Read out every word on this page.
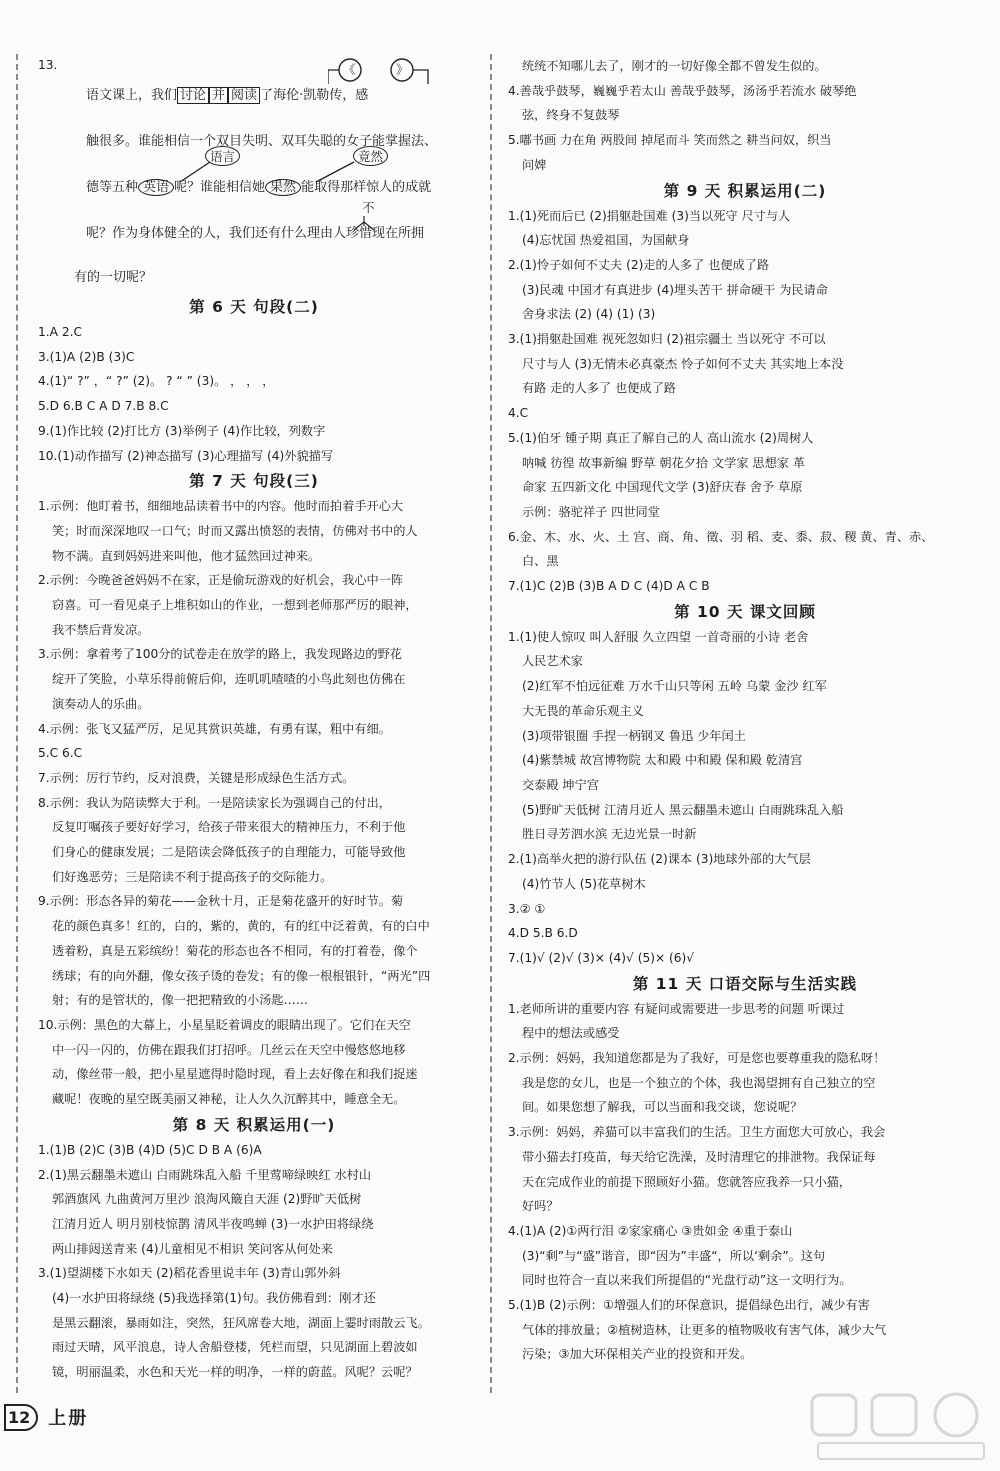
13.	《	》
语文课上，我们 讨论 并 阅读 了海伦·凯勒传，感
触很多。谁能相信一个双目失明、双耳失聪的女子能掌握法、
语言	竟然
德等五种 英语 呢？谁能相信她 果然 能取得那样惊人的成就
不
呢？作为身体健全的人，我们还有什么理由人珍惜现在所拥
有的一切呢？
第 6 天 句段(二)
1.A 2.C
3.(1)A (2)B (3)C
4.(1)“ ?” ，“ ?” (2)。 ? “ ” (3)。 ， ， ，
5.D 6.B C A D 7.B 8.C
9.(1)作比较 (2)打比方 (3)举例子 (4)作比较，列数字
10.(1)动作描写 (2)神态描写 (3)心理描写 (4)外貌描写
第 7 天 句段(三)
1.示例：他盯着书，细细地品读着书中的内容。他时而拍着手开心大
笑；时而深深地叹一口气；时而又露出愤怒的表情，仿佛对书中的人
物不满。直到妈妈进来叫他，他才猛然回过神来。
2.示例：今晚爸爸妈妈不在家，正是偷玩游戏的好机会，我心中一阵
窃喜。可一看见桌子上堆积如山的作业，一想到老师那严厉的眼神，
我不禁后背发凉。
3.示例：拿着考了100分的试卷走在放学的路上，我发现路边的野花
绽开了笑脸，小草乐得前俯后仰，连叽叽喳喳的小鸟此刻也仿佛在
演奏动人的乐曲。
4.示例：张飞又猛严厉，足见其赏识英雄，有勇有谋，粗中有细。
5.C 6.C
7.示例：厉行节约，反对浪费，关键是形成绿色生活方式。
8.示例：我认为陪读弊大于利。一是陪读家长为强调自己的付出，
反复叮嘱孩子要好好学习，给孩子带来很大的精神压力，不利于他
们身心的健康发展；二是陪读会降低孩子的自理能力，可能导致他
们好逸恶劳；三是陪读不利于提高孩子的交际能力。
9.示例：形态各异的菊花——金秋十月，正是菊花盛开的好时节。菊
花的颜色真多！红的，白的，紫的，黄的，有的红中泛着黄，有的白中
透着粉，真是五彩缤纷！菊花的形态也各不相同，有的打着卷，像个
绣球；有的向外翻，像女孩子烫的卷发；有的像一根根银针，“两光”四
射；有的是管状的，像一把把精致的小汤匙……
10.示例：黑色的大幕上，小星星眨着调皮的眼睛出现了。它们在天空
中一闪一闪的，仿佛在跟我们打招呼。几丝云在天空中慢悠悠地移
动，像丝带一般，把小星星遮得时隐时现，看上去好像在和我们捉迷
藏呢！夜晚的星空既美丽又神秘，让人久久沉醉其中，睡意全无。
第 8 天 积累运用(一)
1.(1)B (2)C (3)B (4)D (5)C D B A (6)A
2.(1)黑云翻墨未遮山 白雨跳珠乱入船 千里莺啼绿映红 水村山
郭酒旗风 九曲黄河万里沙 浪淘风簸自天涯 (2)野旷天低树
江清月近人 明月别枝惊鹊 清风半夜鸣蝉 (3)一水护田将绿绕
两山排闼送青来 (4)儿童相见不相识 笑问客从何处来
3.(1)望湖楼下水如天 (2)稻花香里说丰年 (3)青山郭外斜
(4)一水护田将绿绕 (5)我选择第(1)句。我仿佛看到：刚才还
是黑云翻滚，暴雨如注，突然，狂风席卷大地，湖面上霎时雨散云飞。
雨过天晴，风平浪息，诗人舍船登楼，凭栏而望，只见湖面上碧波如
镜，明丽温柔，水色和天光一样的明净，一样的蔚蓝。风呢？云呢？
统统不知哪儿去了，刚才的一切好像全都不曾发生似的。
4.善哉乎鼓琴，巍巍乎若太山 善哉乎鼓琴，汤汤乎若流水 破琴绝
弦，终身不复鼓琴
5.嘟书画 力在角 两股间 掉尾而斗 笑而然之 耕当问奴，织当
问婢
第 9 天 积累运用(二)
1.(1)死而后已 (2)捐躯赴国难 (3)当以死守 尺寸与人
(4)忘忧国 热爱祖国，为国献身
2.(1)怜子如何不丈夫 (2)走的人多了 也便成了路
(3)民魂 中国才有真进步 (4)埋头苦干 拼命硬干 为民请命
舍身求法 (2) (4) (1) (3)
3.(1)捐躯赴国难 视死忽如归 (2)祖宗疆土 当以死守 不可以
尺寸与人 (3)无情未必真豪杰 怜子如何不丈夫 其实地上本没
有路 走的人多了 也便成了路
4.C
5.(1)伯牙 锺子期 真正了解自己的人 高山流水 (2)周树人
呐喊 彷徨 故事新编 野草 朝花夕拾 文学家 思想家 革
命家 五四新文化 中国现代文学 (3)舒庆春 舍予 草原
示例：骆驼祥子 四世同堂
6.金、木、水、火、土 宫、商、角、徵、羽 稻、麦、黍、菽、稷 黄、青、赤、
白、黑
7.(1)C (2)B (3)B A D C (4)D A C B
第 10 天 课文回顾
1.(1)使人惊叹 叫人舒服 久立四望 一首奇丽的小诗 老舍
人民艺术家
(2)红军不怕远征难 万水千山只等闲 五岭 乌蒙 金沙 红军
大无畏的革命乐观主义
(3)项带银圈 手捏一柄钢叉 鲁迅 少年闰土
(4)紫禁城 故宫博物院 太和殿 中和殿 保和殿 乾清宫
交泰殿 坤宁宫
(5)野旷天低树 江清月近人 黑云翻墨未遮山 白雨跳珠乱入船
胜日寻芳泗水滨 无边光景一时新
2.(1)高举火把的游行队伍 (2)课本 (3)地球外部的大气层
(4)竹节人 (5)花草树木
3.② ①
4.D 5.B 6.D
7.(1)√ (2)√ (3)× (4)√ (5)× (6)√
第 11 天 口语交际与生活实践
1.老师所讲的重要内容 有疑问或需要进一步思考的问题 听课过
程中的想法或感受
2.示例：妈妈，我知道您都是为了我好，可是您也要尊重我的隐私呀！
我是您的女儿，也是一个独立的个体，我也渴望拥有自己独立的空
间。如果您想了解我，可以当面和我交谈，您说呢？
3.示例：妈妈，养猫可以丰富我们的生活。卫生方面您大可放心，我会
带小猫去打疫苗，每天给它洗澡，及时清理它的排泄物。我保证每
天在完成作业的前提下照顾好小猫。您就答应我养一只小猫，
好吗？
4.(1)A (2)①两行泪 ②家家痛心 ③贵如金 ④重于泰山
(3)“剩”与“盛”谐音，即“因为”丰盛“，所以‘剩余”。这句
同时也符合一直以来我们所提倡的“光盘行动”这一文明行为。
5.(1)B (2)示例：①增强人们的环保意识，提倡绿色出行，减少有害
气体的排放量；②植树造林，让更多的植物吸收有害气体，减少大气
污染；③加大环保相关产业的投资和开发。
12	上册
